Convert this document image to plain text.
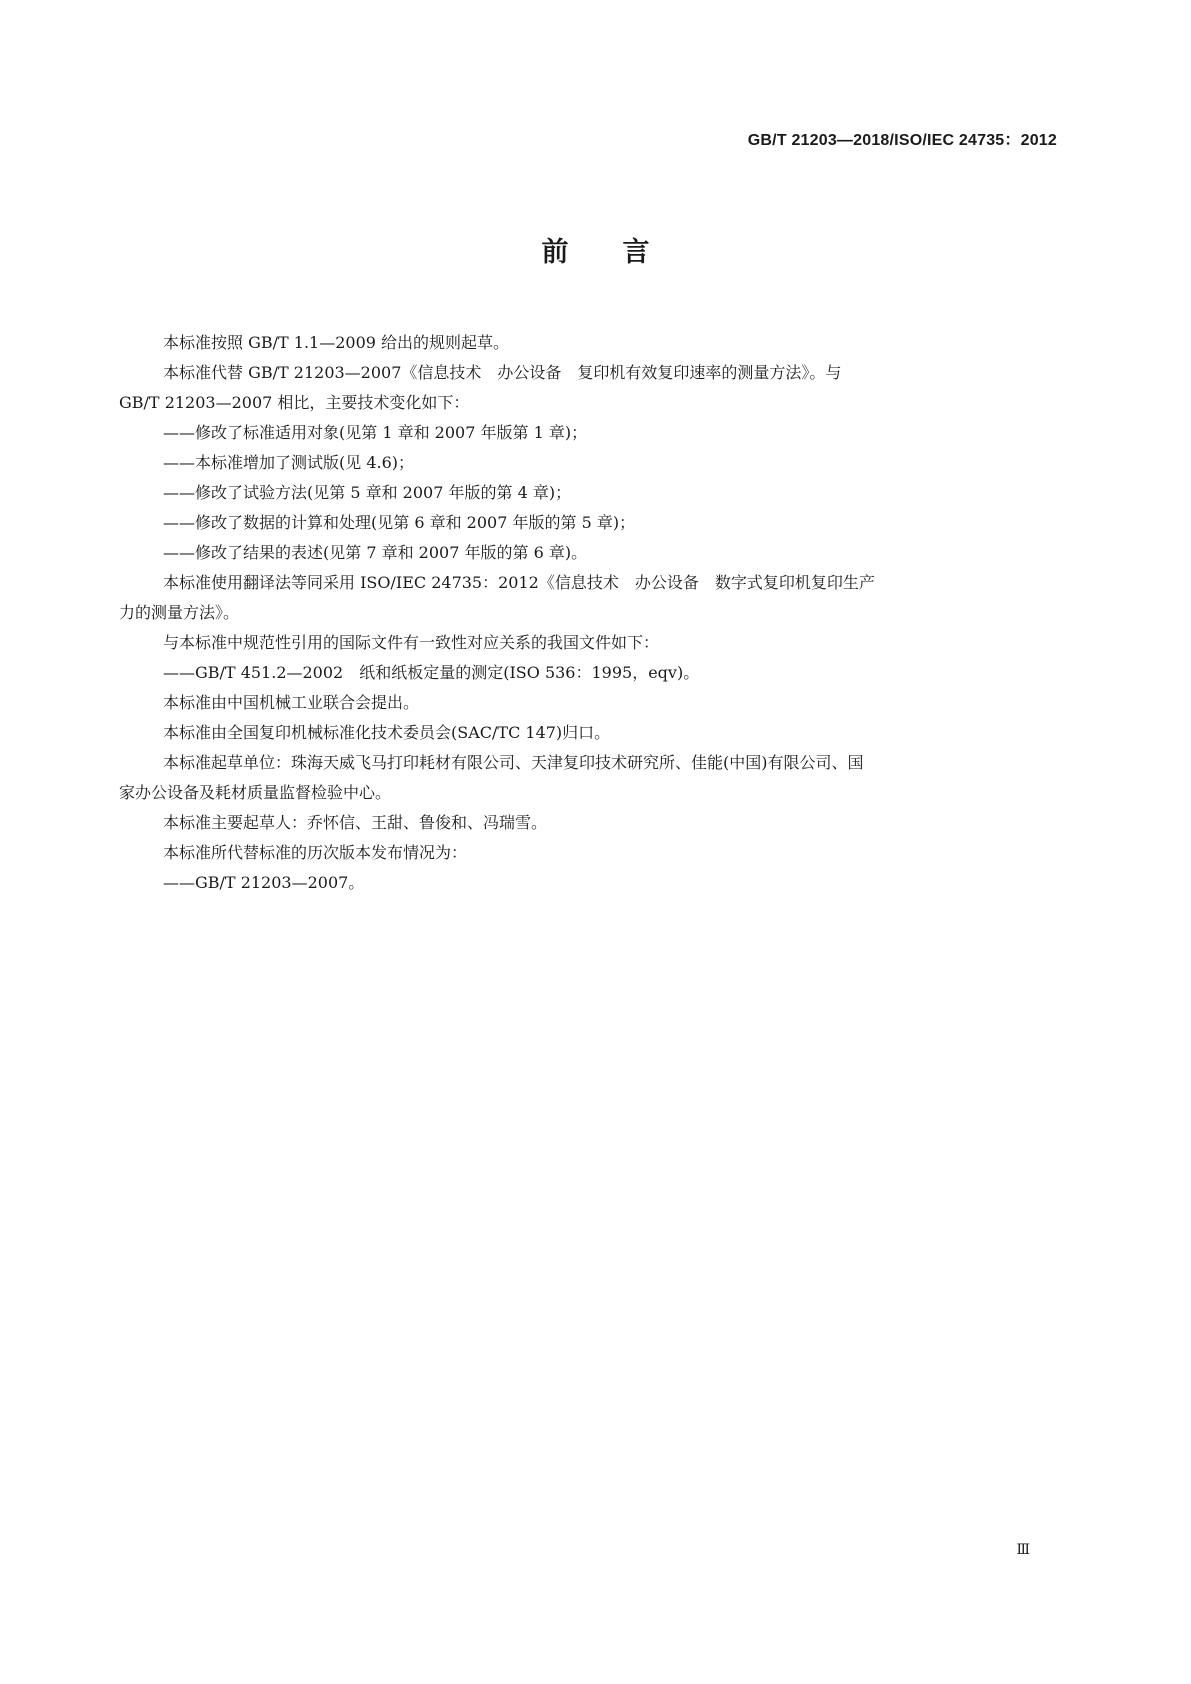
GB/T 21203—2018/ISO/IEC 24735：2012
前言

本标准按照 GB/T 1.1—2009 给出的规则起草。

本标准代替 GB/T 21203—2007《信息技术　办公设备　复印机有效复印速率的测量方法》。与

GB/T 21203—2007 相比，主要技术变化如下：

——修改了标准适用对象(见第 1 章和 2007 年版第 1 章)；

——本标准增加了测试版(见 4.6)；

——修改了试验方法(见第 5 章和 2007 年版的第 4 章)；

——修改了数据的计算和处理(见第 6 章和 2007 年版的第 5 章)；

——修改了结果的表述(见第 7 章和 2007 年版的第 6 章)。

本标准使用翻译法等同采用 ISO/IEC 24735：2012《信息技术　办公设备　数字式复印机复印生产

力的测量方法》。

与本标准中规范性引用的国际文件有一致性对应关系的我国文件如下：

——GB/T 451.2—2002　纸和纸板定量的测定(ISO 536：1995，eqv)。

本标准由中国机械工业联合会提出。

本标准由全国复印机械标准化技术委员会(SAC/TC 147)归口。

本标准起草单位：珠海天威飞马打印耗材有限公司、天津复印技术研究所、佳能(中国)有限公司、国

家办公设备及耗材质量监督检验中心。

本标准主要起草人：乔怀信、王甜、鲁俊和、冯瑞雪。

本标准所代替标准的历次版本发布情况为：

——GB/T 21203—2007。

Ⅲ
